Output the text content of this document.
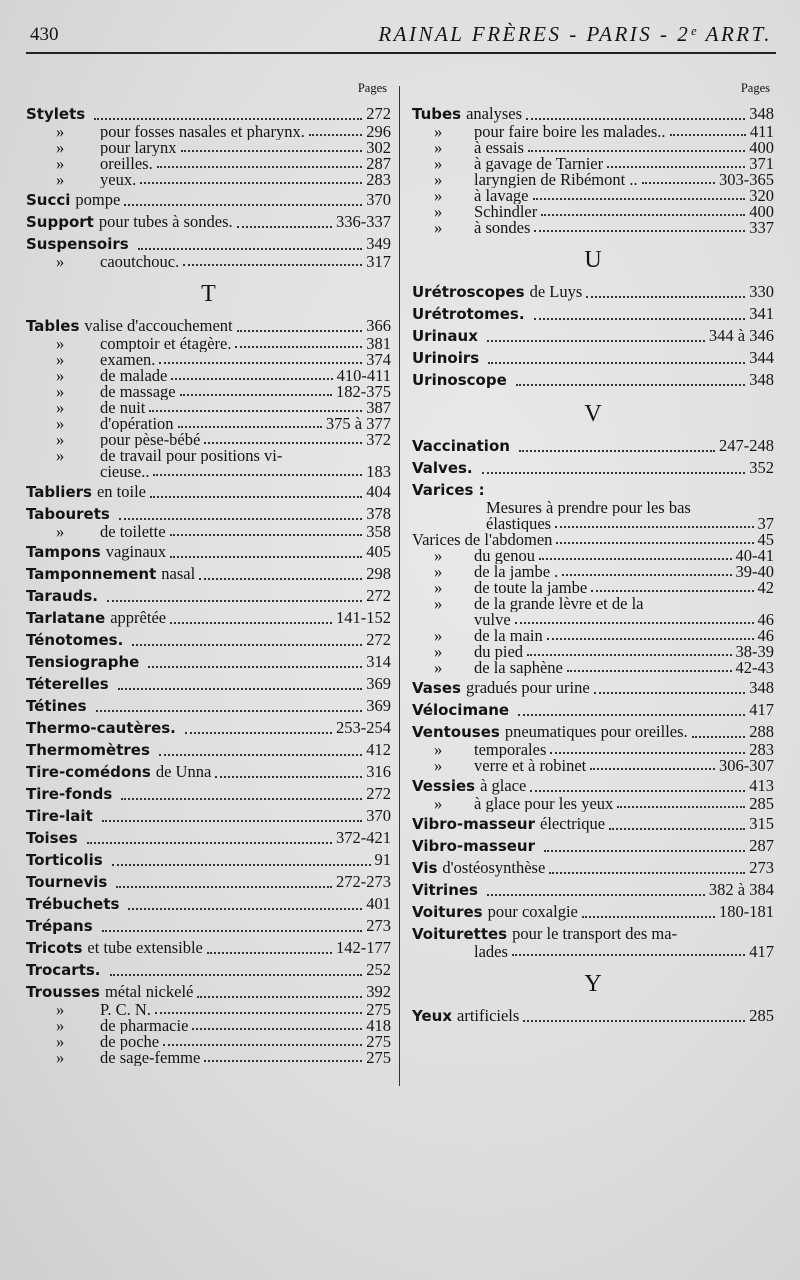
430	RAINAL FRÈRES - PARIS - 2ᵉ ARRT.
Pages
Stylets	272
» pour fosses nasales et pharynx.	296
» pour larynx	302
» oreilles.	287
» yeux.	283
Succi pompe	370
Support pour tubes à sondes.	336-337
Suspensoirs	349
» caoutchouc.	317
T
Tables valise d'accouchement	366
» comptoir et étagère.	381
» examen.	374
» de malade	410-411
» de massage	182-375
» de nuit	387
» d'opération	375 à 377
» pour pèse-bébé	372
» de travail pour positions vi-
cieuse..	183
Tabliers en toile	404
Tabourets	378
» de toilette	358
Tampons vaginaux	405
Tamponnement nasal	298
Tarauds.	272
Tarlatane apprêtée	141-152
Ténotomes.	272
Tensiographe	314
Téterelles	369
Tétines	369
Thermo-cautères.	253-254
Thermomètres	412
Tire-comédons de Unna	316
Tire-fonds	272
Tire-lait	370
Toises	372-421
Torticolis	91
Tournevis	272-273
Trébuchets	401
Trépans	273
Tricots et tube extensible	142-177
Trocarts.	252
Trousses métal nickelé	392
» P. C. N.	275
» de pharmacie	418
» de poche	275
» de sage-femme	275
Pages
Tubes analyses	348
» pour faire boire les malades..	411
» à essais	400
» à gavage de Tarnier	371
» laryngien de Ribémont ..	303-365
» à lavage	320
» Schindler	400
» à sondes	337
U
Urétroscopes de Luys	330
Urétrotomes.	341
Urinaux	344 à 346
Urinoirs	344
Urinoscope	348
V
Vaccination	247-248
Valves.	352
Varices :
Mesures à prendre pour les bas
élastiques	37
Varices de l'abdomen	45
» du genou	40-41
» de la jambe .	39-40
» de toute la jambe	42
» de la grande lèvre et de la
vulve	46
» de la main	46
» du pied	38-39
» de la saphène	42-43
Vases gradués pour urine	348
Vélocimane	417
Ventouses pneumatiques pour oreilles.	288
» temporales	283
» verre et à robinet	306-307
Vessies à glace	413
» à glace pour les yeux	285
Vibro-masseur électrique	315
Vibro-masseur	287
Vis d'ostéosynthèse	273
Vitrines	382 à 384
Voitures pour coxalgie	180-181
Voiturettes pour le transport des ma-
lades	417
Y
Yeux artificiels	285
